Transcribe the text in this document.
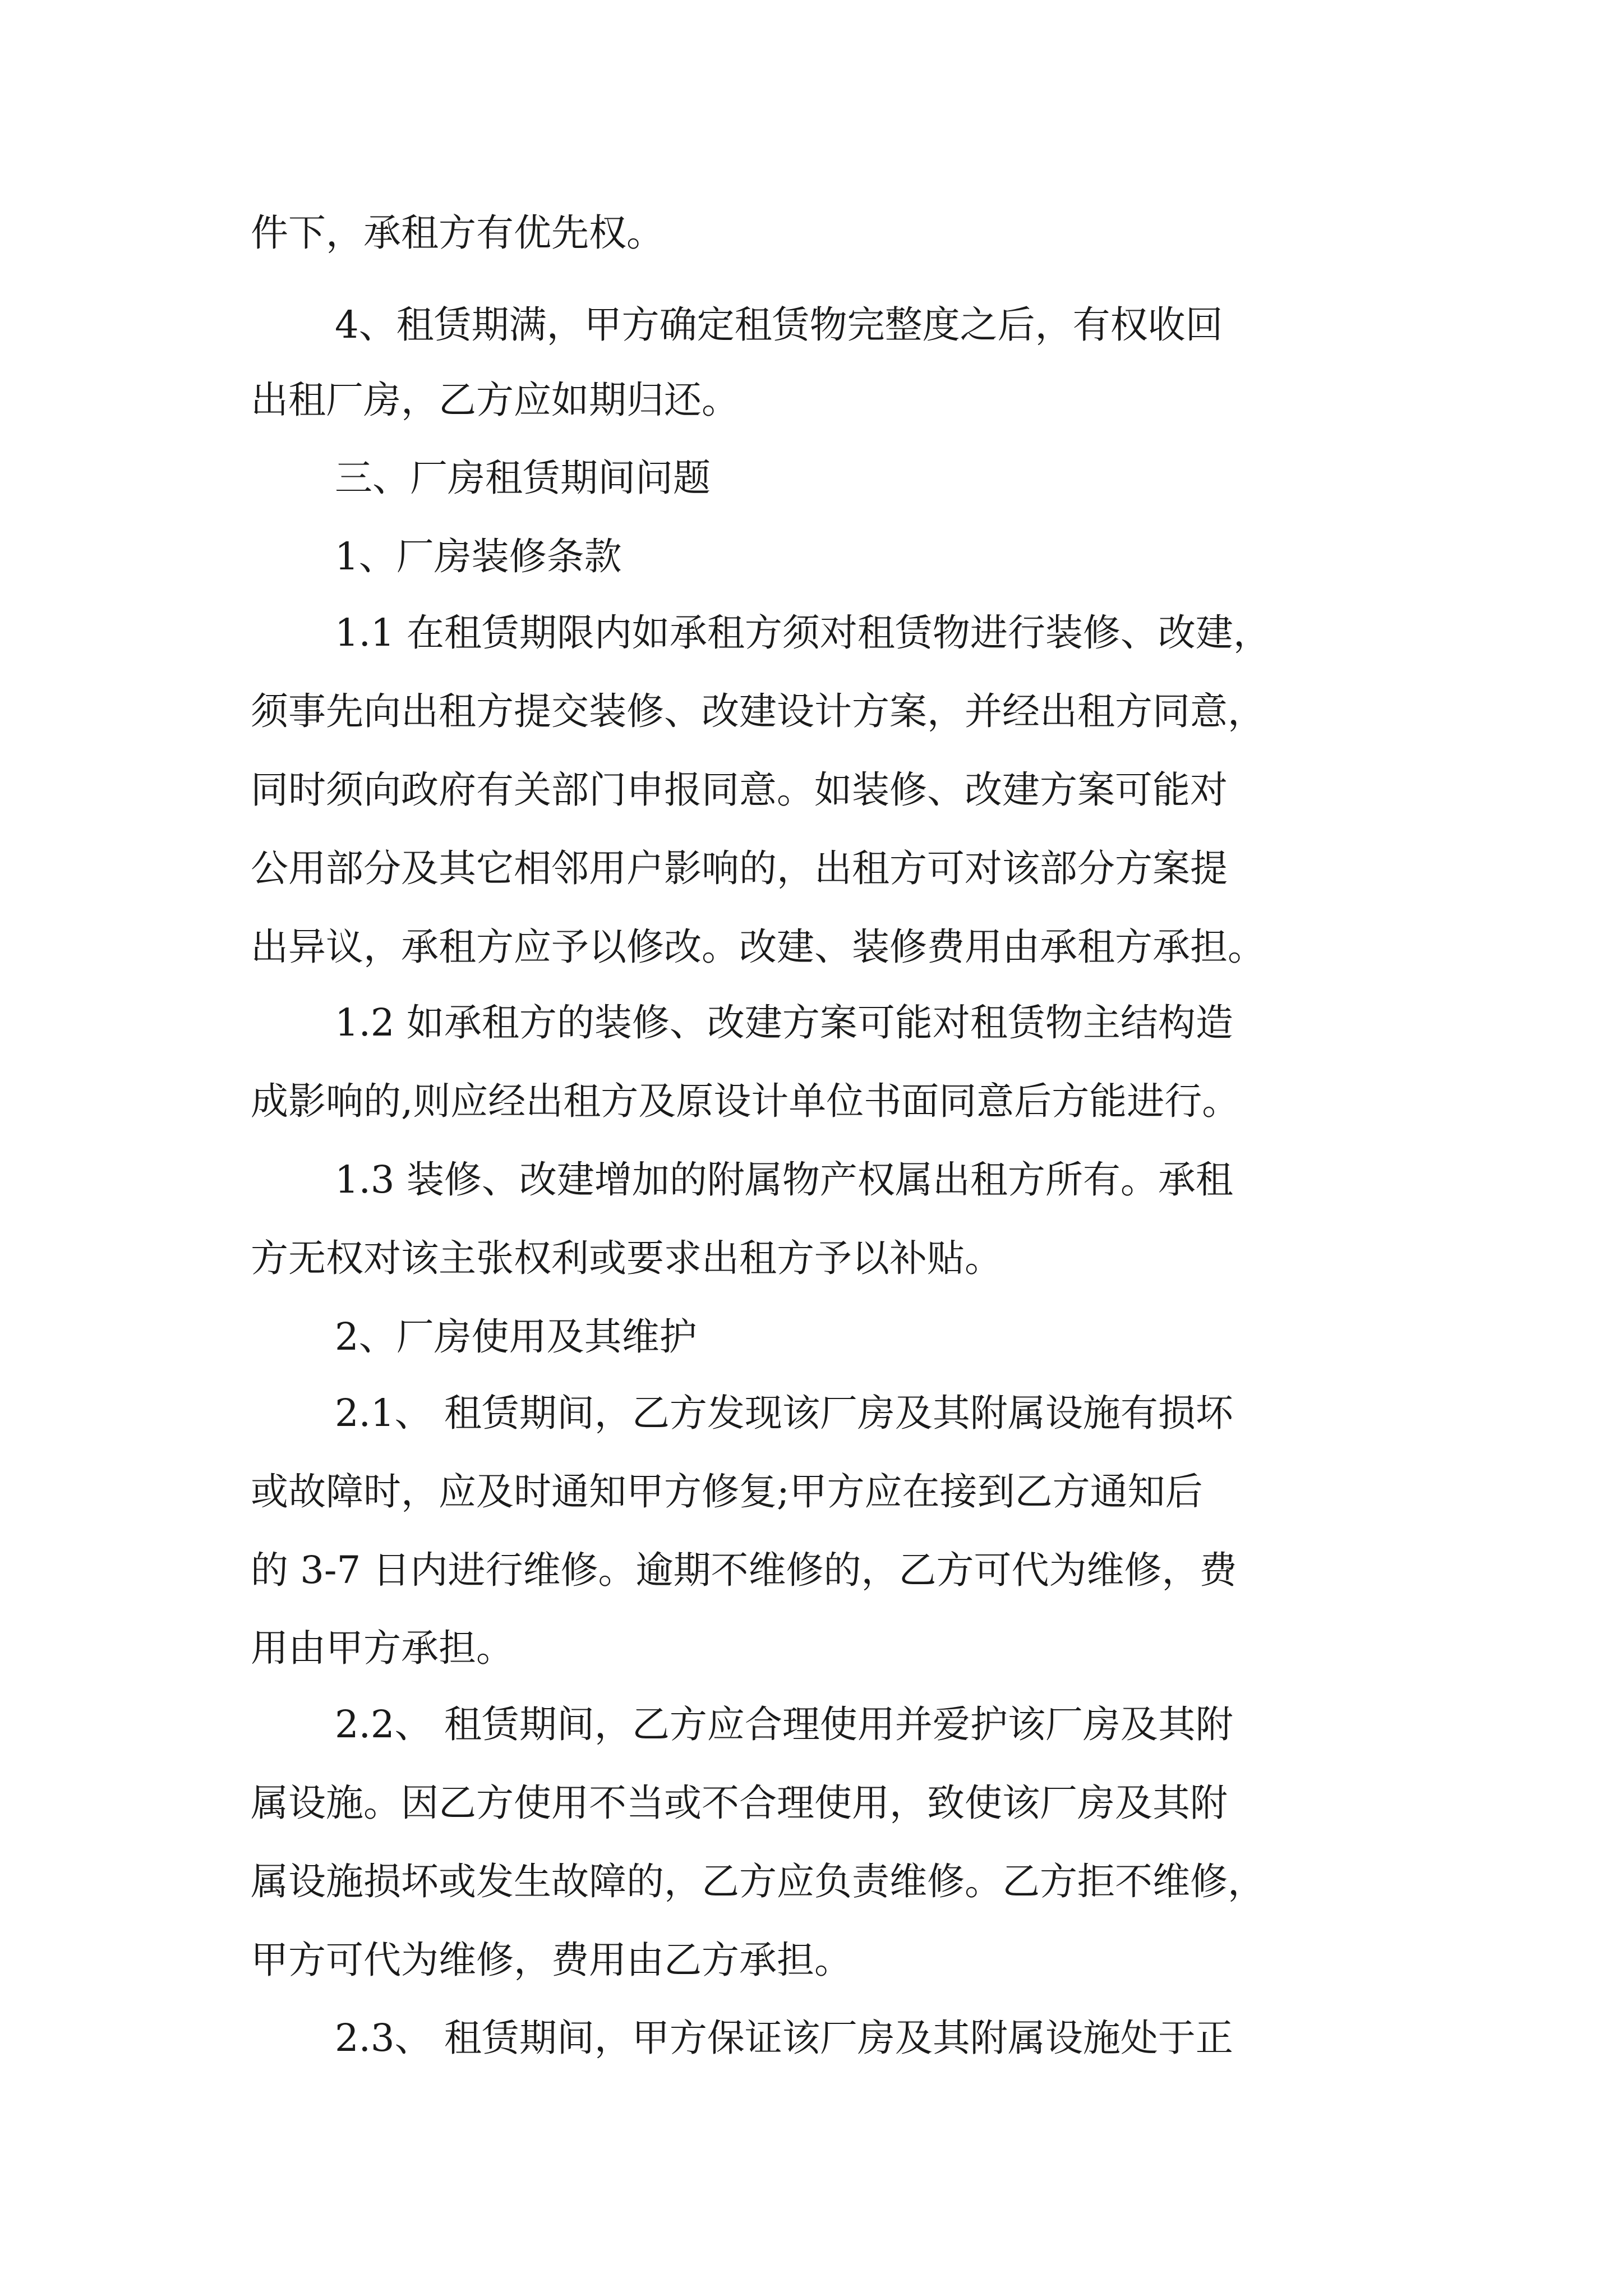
件下，承租方有优先权。
4、租赁期满，甲方确定租赁物完整度之后，有权收回
出租厂房，乙方应如期归还。
三、厂房租赁期间问题
1、厂房装修条款
1.1 在租赁期限内如承租方须对租赁物进行装修、改建，
须事先向出租方提交装修、改建设计方案，并经出租方同意，
同时须向政府有关部门申报同意。如装修、改建方案可能对
公用部分及其它相邻用户影响的，出租方可对该部分方案提
出异议，承租方应予以修改。改建、装修费用由承租方承担。
1.2 如承租方的装修、改建方案可能对租赁物主结构造
成影响的,则应经出租方及原设计单位书面同意后方能进行。
1.3 装修、改建增加的附属物产权属出租方所有。承租
方无权对该主张权利或要求出租方予以补贴。
2、厂房使用及其维护
2.1、 租赁期间，乙方发现该厂房及其附属设施有损坏
或故障时，应及时通知甲方修复;甲方应在接到乙方通知后
的 3-7 日内进行维修。逾期不维修的，乙方可代为维修，费
用由甲方承担。
2.2、 租赁期间，乙方应合理使用并爱护该厂房及其附
属设施。因乙方使用不当或不合理使用，致使该厂房及其附
属设施损坏或发生故障的，乙方应负责维修。乙方拒不维修，
甲方可代为维修，费用由乙方承担。
2.3、 租赁期间，甲方保证该厂房及其附属设施处于正
